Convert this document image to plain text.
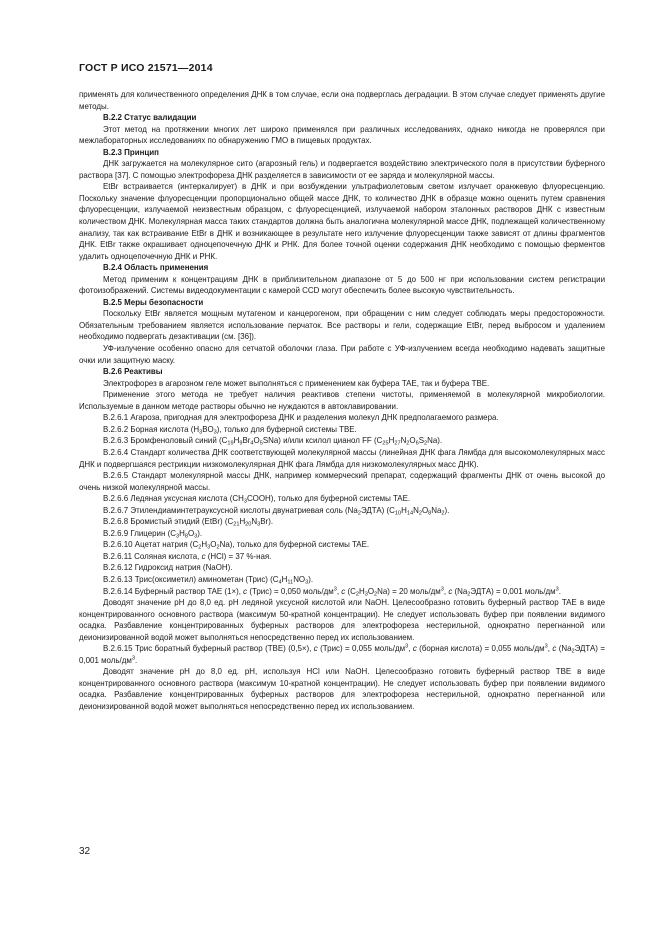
ГОСТ Р ИСО 21571—2014

применять для количественного определения ДНК в том случае, если она подверглась деградации. В этом случае следует применять другие методы.

В.2.2 Статус валидации

Этот метод на протяжении многих лет широко применялся при различных исследованиях, однако никогда не проверялся при межлабораторных исследованиях по обнаружению ГМО в пищевых продуктах.

В.2.3 Принцип

ДНК загружается на молекулярное сито (агарозный гель) и подвергается воздействию электрического поля в присутствии буферного раствора [37]. С помощью электрофореза ДНК разделяется в зависимости от ее заряда и молекулярной массы.

EtBr встраивается (интеркалирует) в ДНК и при возбуждении ультрафиолетовым светом излучает оранжевую флуоресценцию. Поскольку значение флуоресценции пропорционально общей массе ДНК, то количество ДНК в образце можно оценить путем сравнения флуоресценции, излучаемой неизвестным образцом, с флуоресценцией, излучаемой набором эталонных растворов ДНК с известным количеством ДНК. Молекулярная масса таких стандартов должна быть аналогична молекулярной массе ДНК, подлежащей количественному анализу, так как встраивание EtBr в ДНК и возникающее в результате него излучение флуоресценции также зависят от длины фрагментов ДНК. EtBr также окрашивает одноцепочечную ДНК и РНК. Для более точной оценки содержания ДНК необходимо с помощью ферментов удалить одноцепочечную ДНК и РНК.

В.2.4 Область применения

Метод применим к концентрациям ДНК в приблизительном диапазоне от 5 до 500 нг при использовании систем регистрации фотоизображений. Системы видеодокументации с камерой CCD могут обеспечить более высокую чувствительность.

В.2.5 Меры безопасности

Поскольку EtBr является мощным мутагеном и канцерогеном, при обращении с ним следует соблюдать меры предосторожности. Обязательным требованием является использование перчаток. Все растворы и гели, содержащие EtBr, перед выбросом и удалением необходимо подвергать дезактивации (см. [36]).

УФ-излучение особенно опасно для сетчатой оболочки глаза. При работе с УФ-излучением всегда необходимо надевать защитные очки или защитную маску.

В.2.6 Реактивы

Электрофорез в агарозном геле может выполняться с применением как буфера TAE, так и буфера TBE.

Применение этого метода не требует наличия реактивов степени чистоты, применяемой в молекулярной микробиологии. Используемые в данном методе растворы обычно не нуждаются в автоклавировании.

В.2.6.1 Агароза, пригодная для электрофореза ДНК и разделения молекул ДНК предполагаемого размера.

В.2.6.2 Борная кислота $(H_3BO_3)$, только для буферной системы TBE.

В.2.6.3 Бромфеноловый синий $(C_{19}H_9Br_4O_5SNa)$ и/или ксилол цианол FF $(C_{25}H_{27}N_2O_6S_2Na)$.

В.2.6.4 Стандарт количества ДНК соответствующей молекулярной массы (линейная ДНК фага Лямбда для высокомолекулярных масс ДНК и подвергшаяся рестрикции низкомолекулярная ДНК фага Лямбда для низкомолекулярных масс ДНК).

В.2.6.5 Стандарт молекулярной массы ДНК, например коммерческий препарат, содержащий фрагменты ДНК от очень высокой до очень низкой молекулярной массы.

В.2.6.6 Ледяная уксусная кислота $(CH_3COOH)$, только для буферной системы TAE.

В.2.6.7 Этилендиаминтетрауксусной кислоты двунатриевая соль $(Na_2ЭДТА)$ $(C_{10}H_{14}N_2O_8Na_2)$.

В.2.6.8 Бромистый этидий (EtBr) $(C_{21}H_{20}N_3Br)$.

В.2.6.9 Глицерин $(C_3H_8O_3)$.

В.2.6.10 Ацетат натрия $(C_2H_3O_2Na)$, только для буферной системы TAE.

В.2.6.11 Соляная кислота, c (HCl) = 37 %-ная.

В.2.6.12 Гидроксид натрия (NaOH).

В.2.6.13 Трис(оксиметил) аминометан (Трис) $(C_4H_{11}NO_3)$.

В.2.6.14 Буферный раствор TAE (1×), c (Трис) = 0,050 моль/$дм^3$, c $(C_2H_3O_2Na) = 20$ моль/$дм^3$, c $(Na_2ЭДТА) = 0,001$ моль/$дм^3$.

Доводят значение pH до 8,0 ед. pH ледяной уксусной кислотой или NaOH. Целесообразно готовить буферный раствор TAE в виде концентрированного основного раствора (максимум 50-кратной концентрации). Не следует использовать буфер при появлении видимого осадка. Разбавление концентрированных буферных растворов для электрофореза нестерильной, однократно перегнанной или деионизированной водой может выполняться непосредственно перед их использованием.

В.2.6.15 Трис боратный буферный раствор (TBE) (0,5×), c (Трис) = 0,055 моль/$дм^3$, c (борная кислота) = 0,055 моль/$дм^3$, c $(Na_2ЭДТА) = 0,001$ моль/$дм^3$.

Доводят значение pH до 8,0 ед. pH, используя HCl или NaOH. Целесообразно готовить буферный раствор TBE в виде концентрированного основного раствора (максимум 10-кратной концентрации). Не следует использовать буфер при появлении видимого осадка. Разбавление концентрированных буферных растворов для электрофореза нестерильной, однократно перегнанной или деионизированной водой может выполняться непосредственно перед их использованием.

32
